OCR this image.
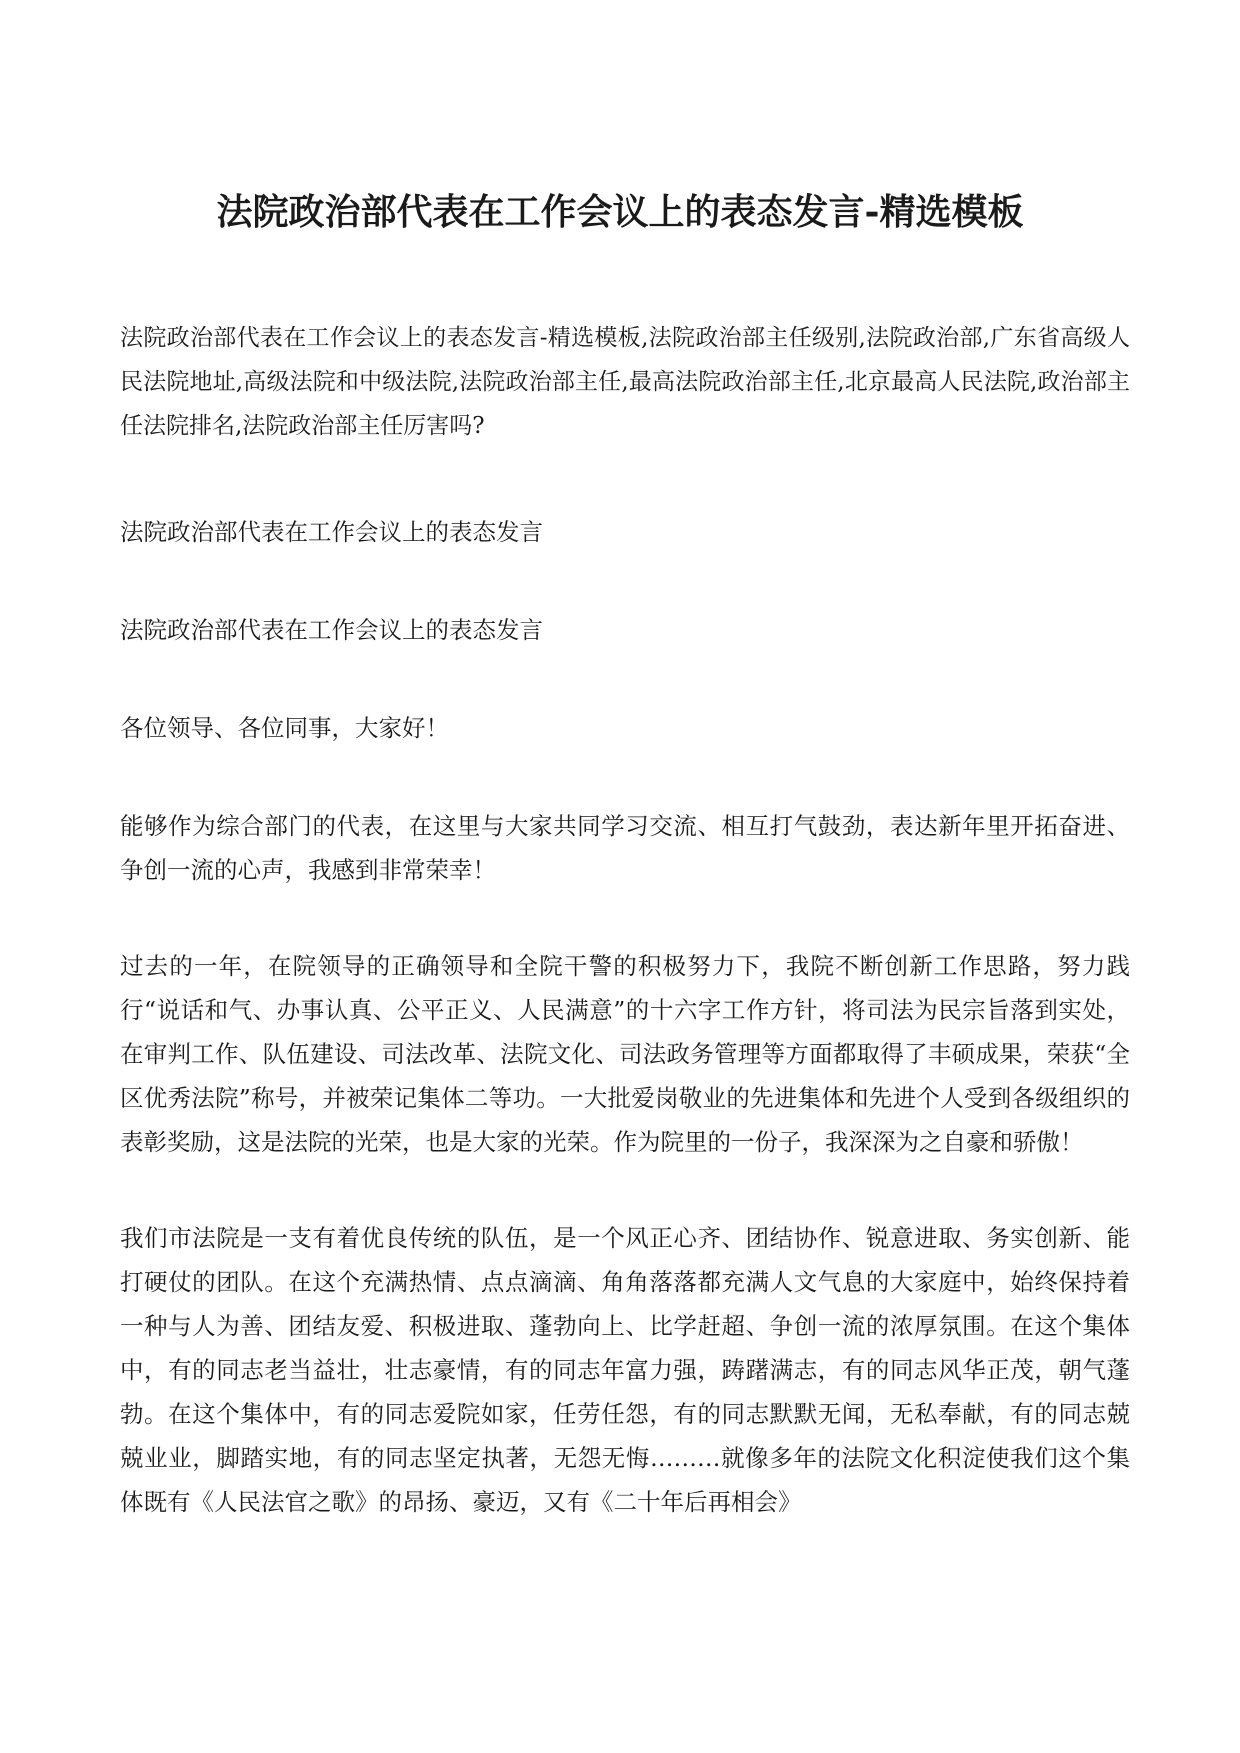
法院政治部代表在工作会议上的表态发言-精选模板

法院政治部代表在工作会议上的表态发言-精选模板,法院政治部主任级别,法院政治部,广东省高级人民法院地址,高级法院和中级法院,法院政治部主任,最高法院政治部主任,北京最高人民法院,政治部主任法院排名,法院政治部主任厉害吗?

法院政治部代表在工作会议上的表态发言

法院政治部代表在工作会议上的表态发言

各位领导、各位同事，大家好！

能够作为综合部门的代表，在这里与大家共同学习交流、相互打气鼓劲，表达新年里开拓奋进、争创一流的心声，我感到非常荣幸！

过去的一年，在院领导的正确领导和全院干警的积极努力下，我院不断创新工作思路，努力践行“说话和气、办事认真、公平正义、人民满意”的十六字工作方针，将司法为民宗旨落到实处，在审判工作、队伍建设、司法改革、法院文化、司法政务管理等方面都取得了丰硕成果，荣获“全区优秀法院”称号，并被荣记集体二等功。一大批爱岗敬业的先进集体和先进个人受到各级组织的表彰奖励，这是法院的光荣，也是大家的光荣。作为院里的一份子，我深深为之自豪和骄傲！

我们市法院是一支有着优良传统的队伍，是一个风正心齐、团结协作、锐意进取、务实创新、能打硬仗的团队。在这个充满热情、点点滴滴、角角落落都充满人文气息的大家庭中，始终保持着一种与人为善、团结友爱、积极进取、蓬勃向上、比学赶超、争创一流的浓厚氛围。在这个集体中，有的同志老当益壮，壮志豪情，有的同志年富力强，踌躇满志，有的同志风华正茂，朝气蓬勃。在这个集体中，有的同志爱院如家，任劳任怨，有的同志默默无闻，无私奉献，有的同志兢兢业业，脚踏实地，有的同志坚定执著，无怨无悔………就像多年的法院文化积淀使我们这个集体既有《人民法官之歌》的昂扬、豪迈，又有《二十年后再相会》
